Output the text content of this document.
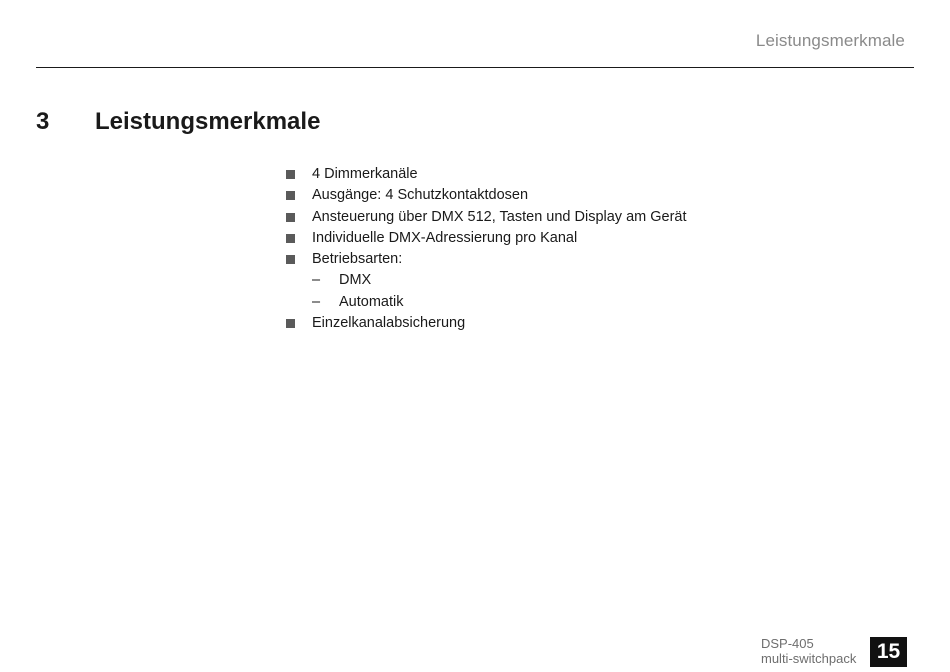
Leistungsmerkmale
3 Leistungsmerkmale
4 Dimmerkanäle
Ausgänge: 4 Schutzkontaktdosen
Ansteuerung über DMX 512, Tasten und Display am Gerät
Individuelle DMX-Adressierung pro Kanal
Betriebsarten:
– DMX
– Automatik
Einzelkanalabsicherung
DSP-405
multi-switchpack 15
